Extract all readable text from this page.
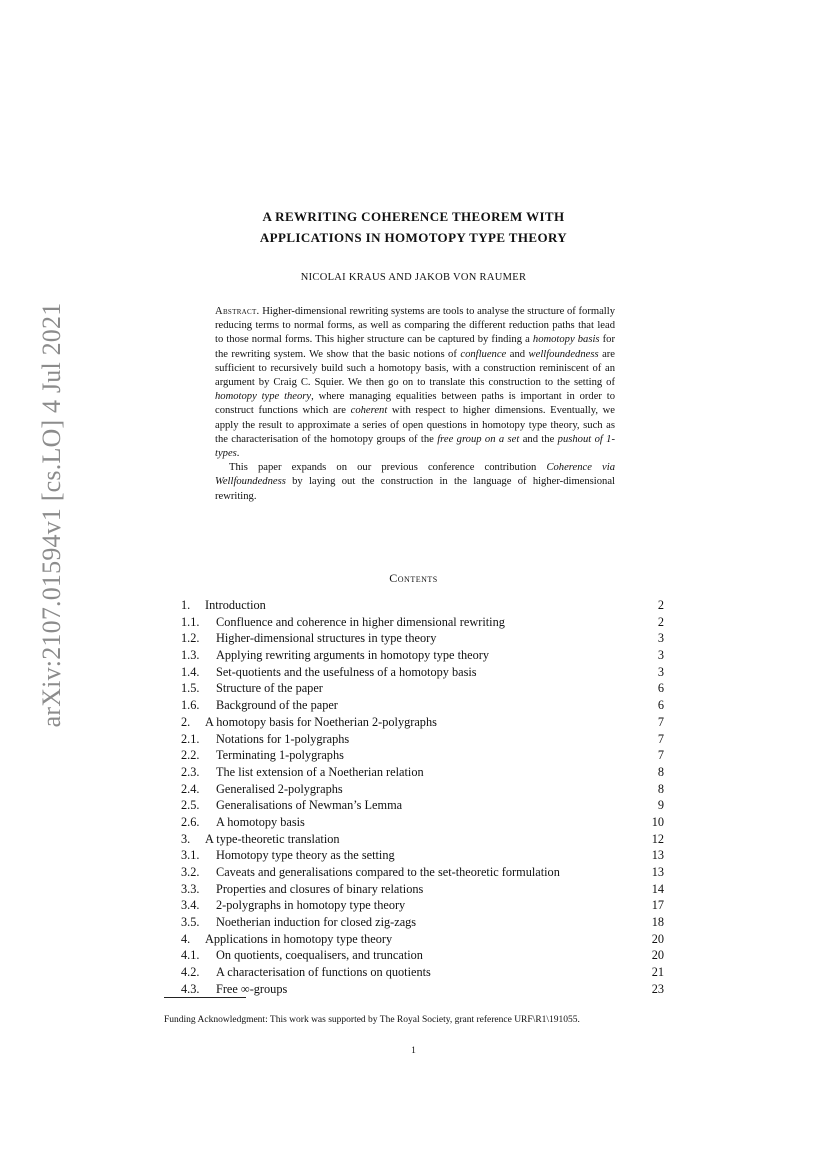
arXiv:2107.01594v1 [cs.LO] 4 Jul 2021
A REWRITING COHERENCE THEOREM WITH
APPLICATIONS IN HOMOTOPY TYPE THEORY
NICOLAI KRAUS AND JAKOB VON RAUMER

Abstract. Higher-dimensional rewriting systems are tools to analyse the structure of formally reducing terms to normal forms, as well as comparing the different reduction paths that lead to those normal forms. This higher structure can be captured by finding a homotopy basis for the rewriting system. We show that the basic notions of confluence and wellfoundedness are sufficient to recursively build such a homotopy basis, with a construction reminiscent of an argument by Craig C. Squier. We then go on to translate this construction to the setting of homotopy type theory, where managing equalities between paths is important in order to construct functions which are coherent with respect to higher dimensions. Eventually, we apply the result to approximate a series of open questions in homotopy type theory, such as the characterisation of the homotopy groups of the free group on a set and the pushout of 1-types.

This paper expands on our previous conference contribution Coherence via Wellfoundedness by laying out the construction in the language of higher-dimensional rewriting.

Contents
1.	Introduction	2
1.1.	Confluence and coherence in higher dimensional rewriting	2
1.2.	Higher-dimensional structures in type theory	3
1.3.	Applying rewriting arguments in homotopy type theory	3
1.4.	Set-quotients and the usefulness of a homotopy basis	3
1.5.	Structure of the paper	6
1.6.	Background of the paper	6
2.	A homotopy basis for Noetherian 2-polygraphs	7
2.1.	Notations for 1-polygraphs	7
2.2.	Terminating 1-polygraphs	7
2.3.	The list extension of a Noetherian relation	8
2.4.	Generalised 2-polygraphs	8
2.5.	Generalisations of Newman’s Lemma	9
2.6.	A homotopy basis	10
3.	A type-theoretic translation	12
3.1.	Homotopy type theory as the setting	13
3.2.	Caveats and generalisations compared to the set-theoretic formulation	13
3.3.	Properties and closures of binary relations	14
3.4.	2-polygraphs in homotopy type theory	17
3.5.	Noetherian induction for closed zig-zags	18
4.	Applications in homotopy type theory	20
4.1.	On quotients, coequalisers, and truncation	20
4.2.	A characterisation of functions on quotients	21
4.3.	Free ∞-groups	23
Funding Acknowledgment: This work was supported by The Royal Society, grant reference URF\R1\191055.
1
